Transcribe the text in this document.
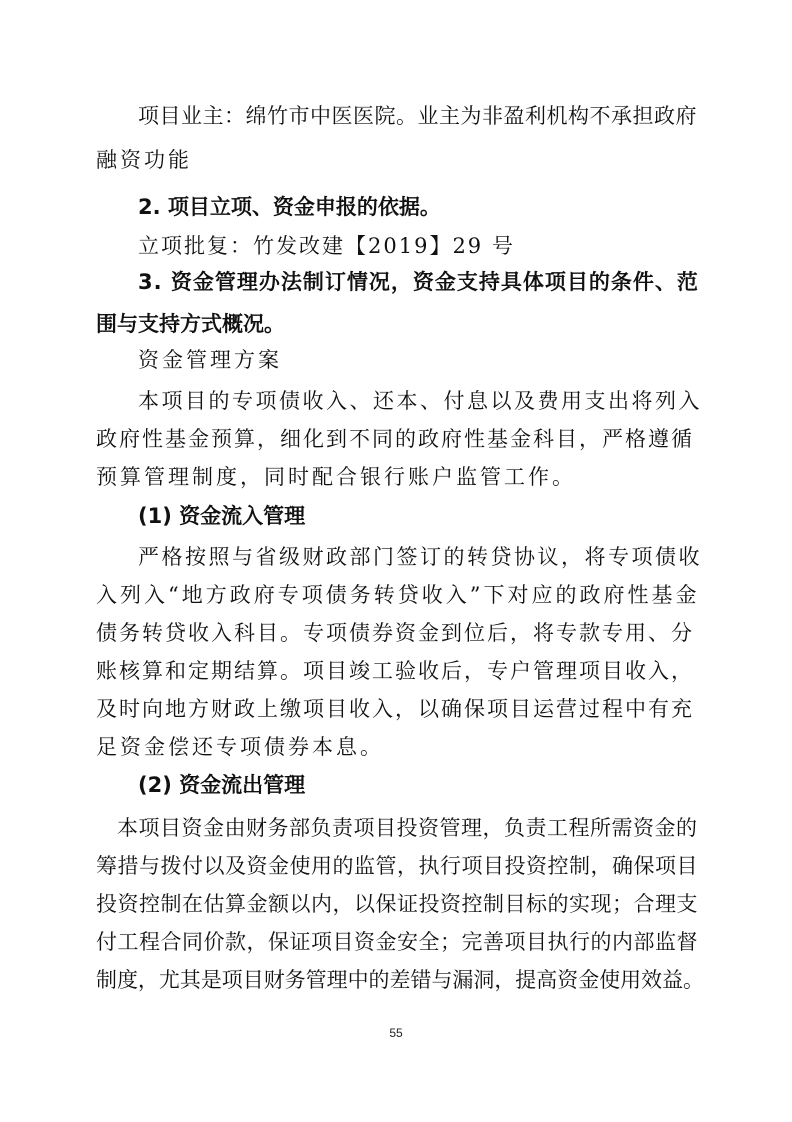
项目业主：绵竹市中医医院。业主为非盈利机构不承担政府
融资功能
2. 项目立项、资金申报的依据。
立项批复：竹发改建【2019】29 号
3. 资金管理办法制订情况，资金支持具体项目的条件、范
围与支持方式概况。
资金管理方案
本项目的专项债收入、还本、付息以及费用支出将列入
政府性基金预算，细化到不同的政府性基金科目，严格遵循
预算管理制度，同时配合银行账户监管工作。
(1) 资金流入管理
严格按照与省级财政部门签订的转贷协议，将专项债收
入列入“地方政府专项债务转贷收入”下对应的政府性基金
债务转贷收入科目。专项债券资金到位后，将专款专用、分
账核算和定期结算。项目竣工验收后，专户管理项目收入，
及时向地方财政上缴项目收入，以确保项目运营过程中有充
足资金偿还专项债券本息。
(2) 资金流出管理
本项目资金由财务部负责项目投资管理，负责工程所需资金的
筹措与拨付以及资金使用的监管，执行项目投资控制，确保项目
投资控制在估算金额以内，以保证投资控制目标的实现；合理支
付工程合同价款，保证项目资金安全；完善项目执行的内部监督
制度，尤其是项目财务管理中的差错与漏洞，提高资金使用效益。
55
